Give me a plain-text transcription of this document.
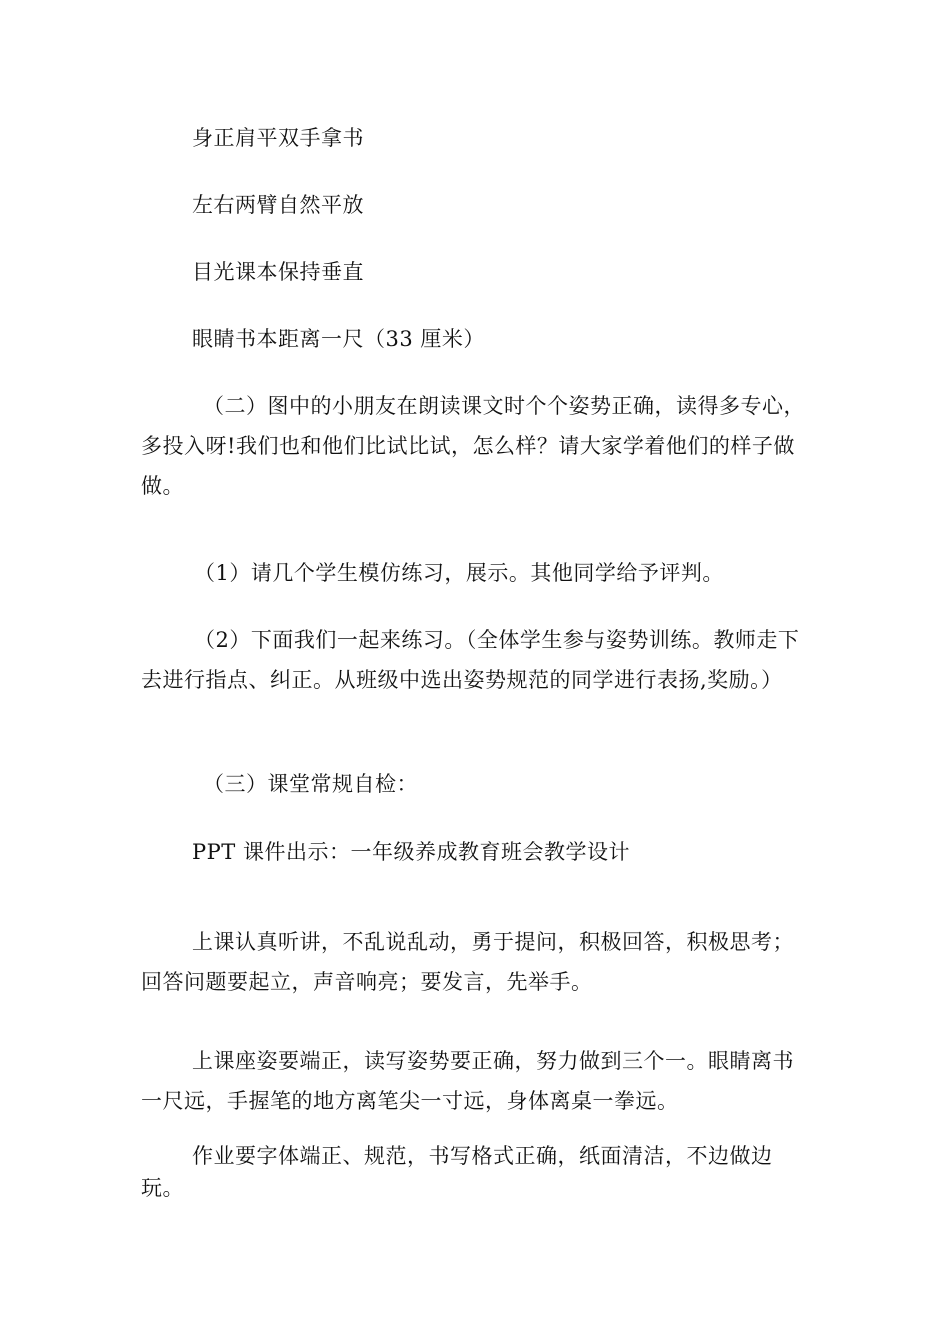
身正肩平双手拿书
左右两臂自然平放
目光课本保持垂直
眼睛书本距离一尺（33 厘米）
（二）图中的小朋友在朗读课文时个个姿势正确，读得多专心，多投入呀!我们也和他们比试比试，怎么样？请大家学着他们的样子做做。
（1）请几个学生模仿练习，展示。其他同学给予评判。
（2）下面我们一起来练习。（全体学生参与姿势训练。教师走下去进行指点、纠正。从班级中选出姿势规范的同学进行表扬,奖励。）
（三）课堂常规自检：
PPT 课件出示：一年级养成教育班会教学设计
上课认真听讲，不乱说乱动，勇于提问，积极回答，积极思考；回答问题要起立，声音响亮；要发言，先举手。
上课座姿要端正，读写姿势要正确，努力做到三个一。眼睛离书一尺远，手握笔的地方离笔尖一寸远，身体离桌一拳远。
作业要字体端正、规范，书写格式正确，纸面清洁，不边做边玩。
